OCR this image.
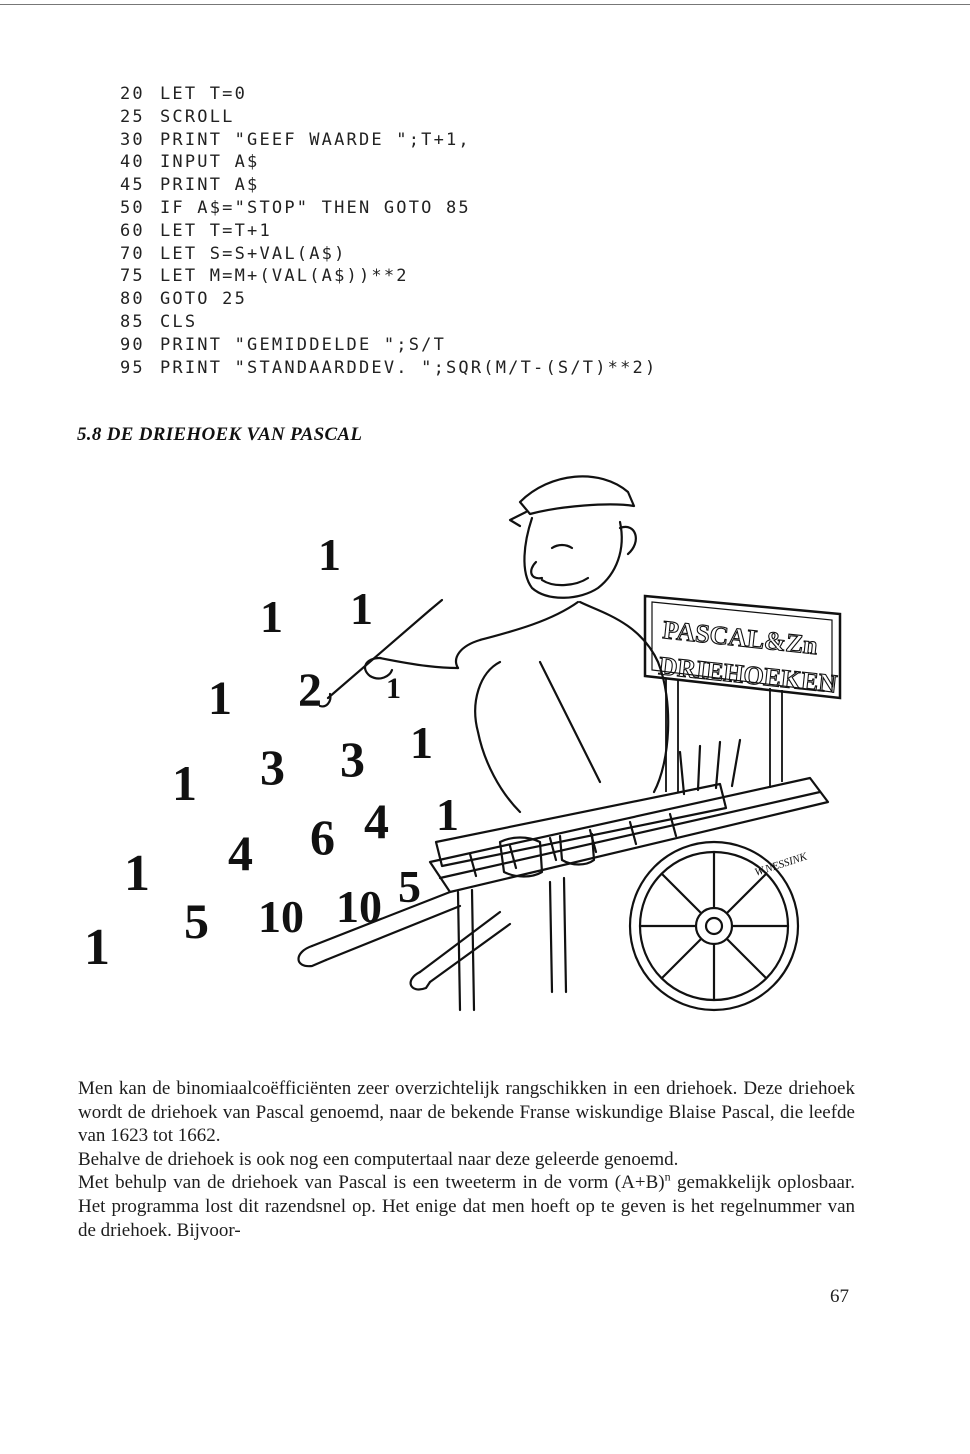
20 LET T=0
25 SCROLL
30 PRINT "GEEF WAARDE ";T+1,
40 INPUT A$
45 PRINT A$
50 IF A$="STOP" THEN GOTO 85
60 LET T=T+1
70 LET S=S+VAL(A$)
75 LET M=M+(VAL(A$))**2
80 GOTO 25
85 CLS
90 PRINT "GEMIDDELDE ";S/T
95 PRINT "STANDAARDDEV. ";SQR(M/T-(S/T)**2)
5.8 DE DRIEHOEK VAN PASCAL
1
1 1
1 2 1
1 3 3 1
1 4 6 4 1
1 5 10 10 5
PASCAL&Zn
DRIEHOEKEN
W.NESSINK

Men kan de binomiaalcoëfficiënten zeer overzichtelijk rangschikken in een driehoek. Deze driehoek wordt de driehoek van Pascal genoemd, naar de bekende Franse wiskundige Blaise Pascal, die leefde van 1623 tot 1662.

Behalve de driehoek is ook nog een computertaal naar deze geleerde genoemd.

Met behulp van de driehoek van Pascal is een tweeterm in de vorm $(A+B)^n$ gemakkelijk oplosbaar. Het programma lost dit razendsnel op. Het enige dat men hoeft op te geven is het regelnummer van de driehoek. Bijvoor-

67
